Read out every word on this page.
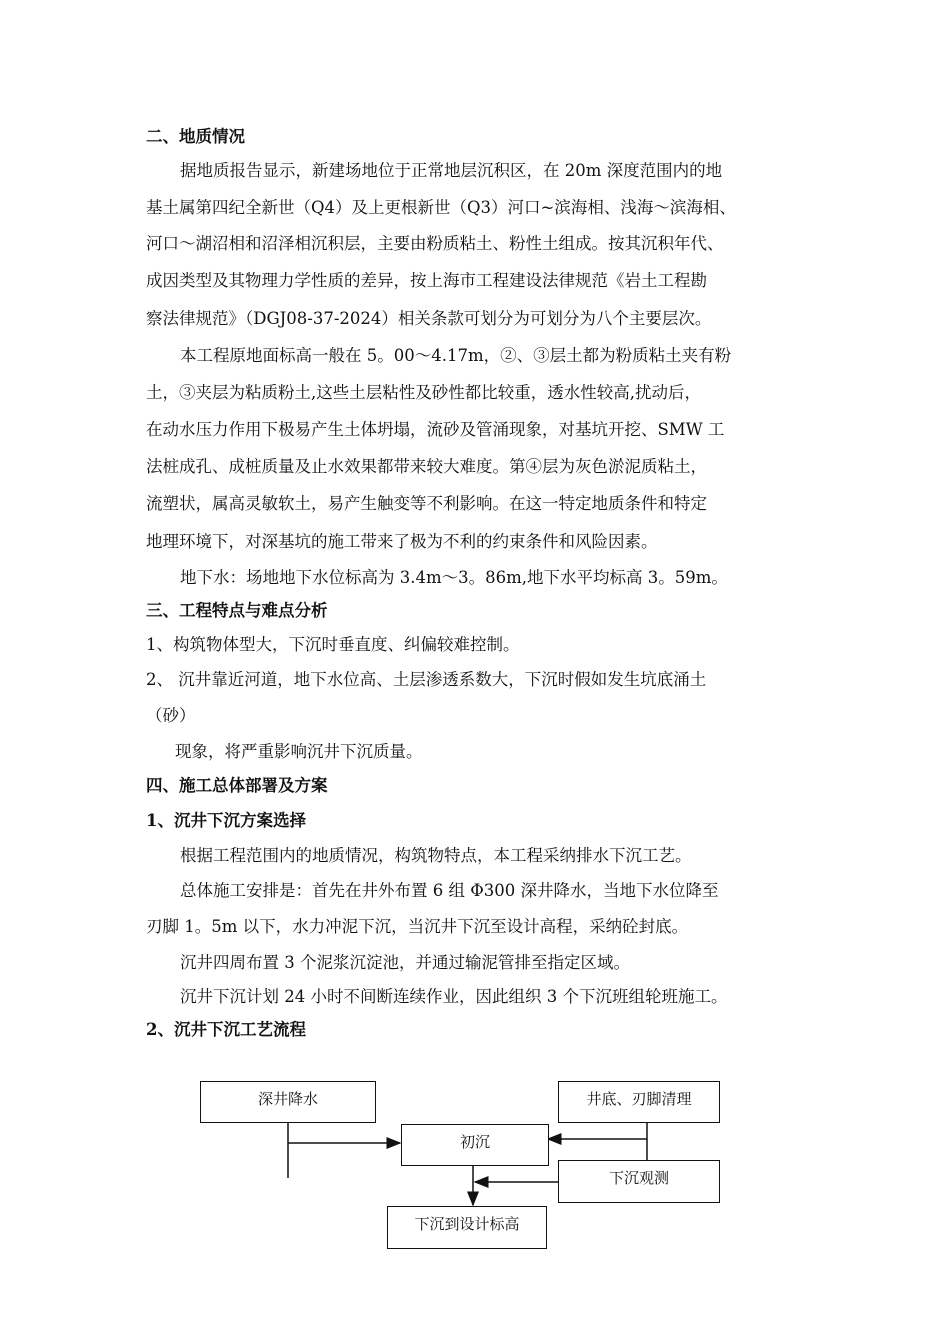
二、地质情况
据地质报告显示，新建场地位于正常地层沉积区，在 20m 深度范围内的地
基土属第四纪全新世（Q4）及上更根新世（Q3）河口~滨海相、浅海～滨海相、
河口～湖沼相和沼泽相沉积层，主要由粉质粘土、粉性土组成。按其沉积年代、
成因类型及其物理力学性质的差异，按上海市工程建设法律规范《岩土工程勘
察法律规范》（DGJ08-37-2024）相关条款可划分为可划分为八个主要层次。
本工程原地面标高一般在 5。00～4.17m，②、③层土都为粉质粘土夹有粉
土，③夹层为粘质粉土,这些土层粘性及砂性都比较重，透水性较高,扰动后，
在动水压力作用下极易产生土体坍塌，流砂及管涌现象，对基坑开挖、SMW 工
法桩成孔、成桩质量及止水效果都带来较大难度。第④层为灰色淤泥质粘土，
流塑状，属高灵敏软土，易产生触变等不利影响。在这一特定地质条件和特定
地理环境下，对深基坑的施工带来了极为不利的约束条件和风险因素。
地下水：场地地下水位标高为 3.4m～3。86m,地下水平均标高 3。59m。
三、工程特点与难点分析
1、构筑物体型大，下沉时垂直度、纠偏较难控制。
2、 沉井靠近河道，地下水位高、土层渗透系数大，下沉时假如发生坑底涌土
（砂）
现象，将严重影响沉井下沉质量。
四、施工总体部署及方案
1、沉井下沉方案选择
根据工程范围内的地质情况，构筑物特点，本工程采纳排水下沉工艺。
总体施工安排是：首先在井外布置 6 组 Φ300 深井降水，当地下水位降至
刃脚 1。5m 以下，水力冲泥下沉，当沉井下沉至设计高程，采纳砼封底。
沉井四周布置 3 个泥浆沉淀池，并通过输泥管排至指定区域。
沉井下沉计划 24 小时不间断连续作业，因此组织 3 个下沉班组轮班施工。
2、沉井下沉工艺流程
深井降水	井底、刃脚清理
初沉
下沉观测
下沉到设计标高
